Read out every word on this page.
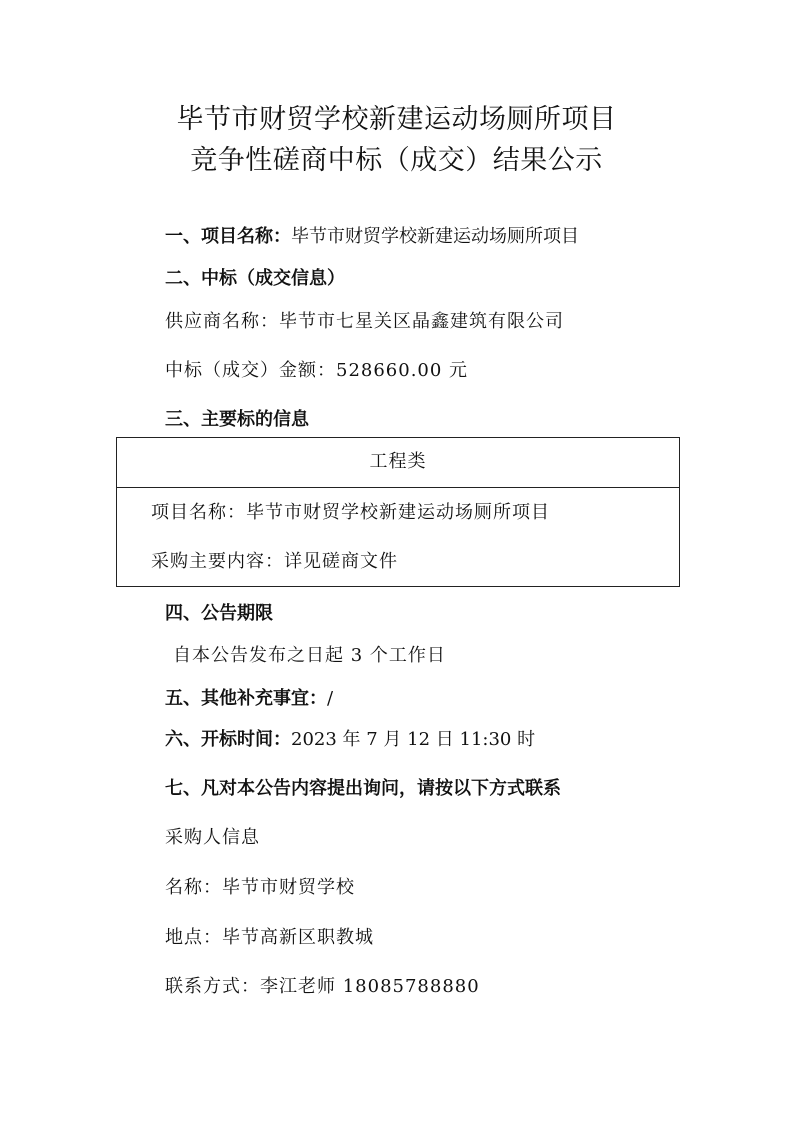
毕节市财贸学校新建运动场厕所项目
竞争性磋商中标（成交）结果公示
一、项目名称：毕节市财贸学校新建运动场厕所项目
二、中标（成交信息）
供应商名称：毕节市七星关区晶鑫建筑有限公司
中标（成交）金额：528660.00 元
三、主要标的信息
工程类
项目名称：毕节市财贸学校新建运动场厕所项目
采购主要内容：详见磋商文件
四、公告期限
自本公告发布之日起 3 个工作日
五、其他补充事宜：/
六、开标时间：2023 年 7 月 12 日 11:30 时
七、凡对本公告内容提出询问，请按以下方式联系
采购人信息
名称：毕节市财贸学校
地点：毕节高新区职教城
联系方式：李江老师 18085788880
